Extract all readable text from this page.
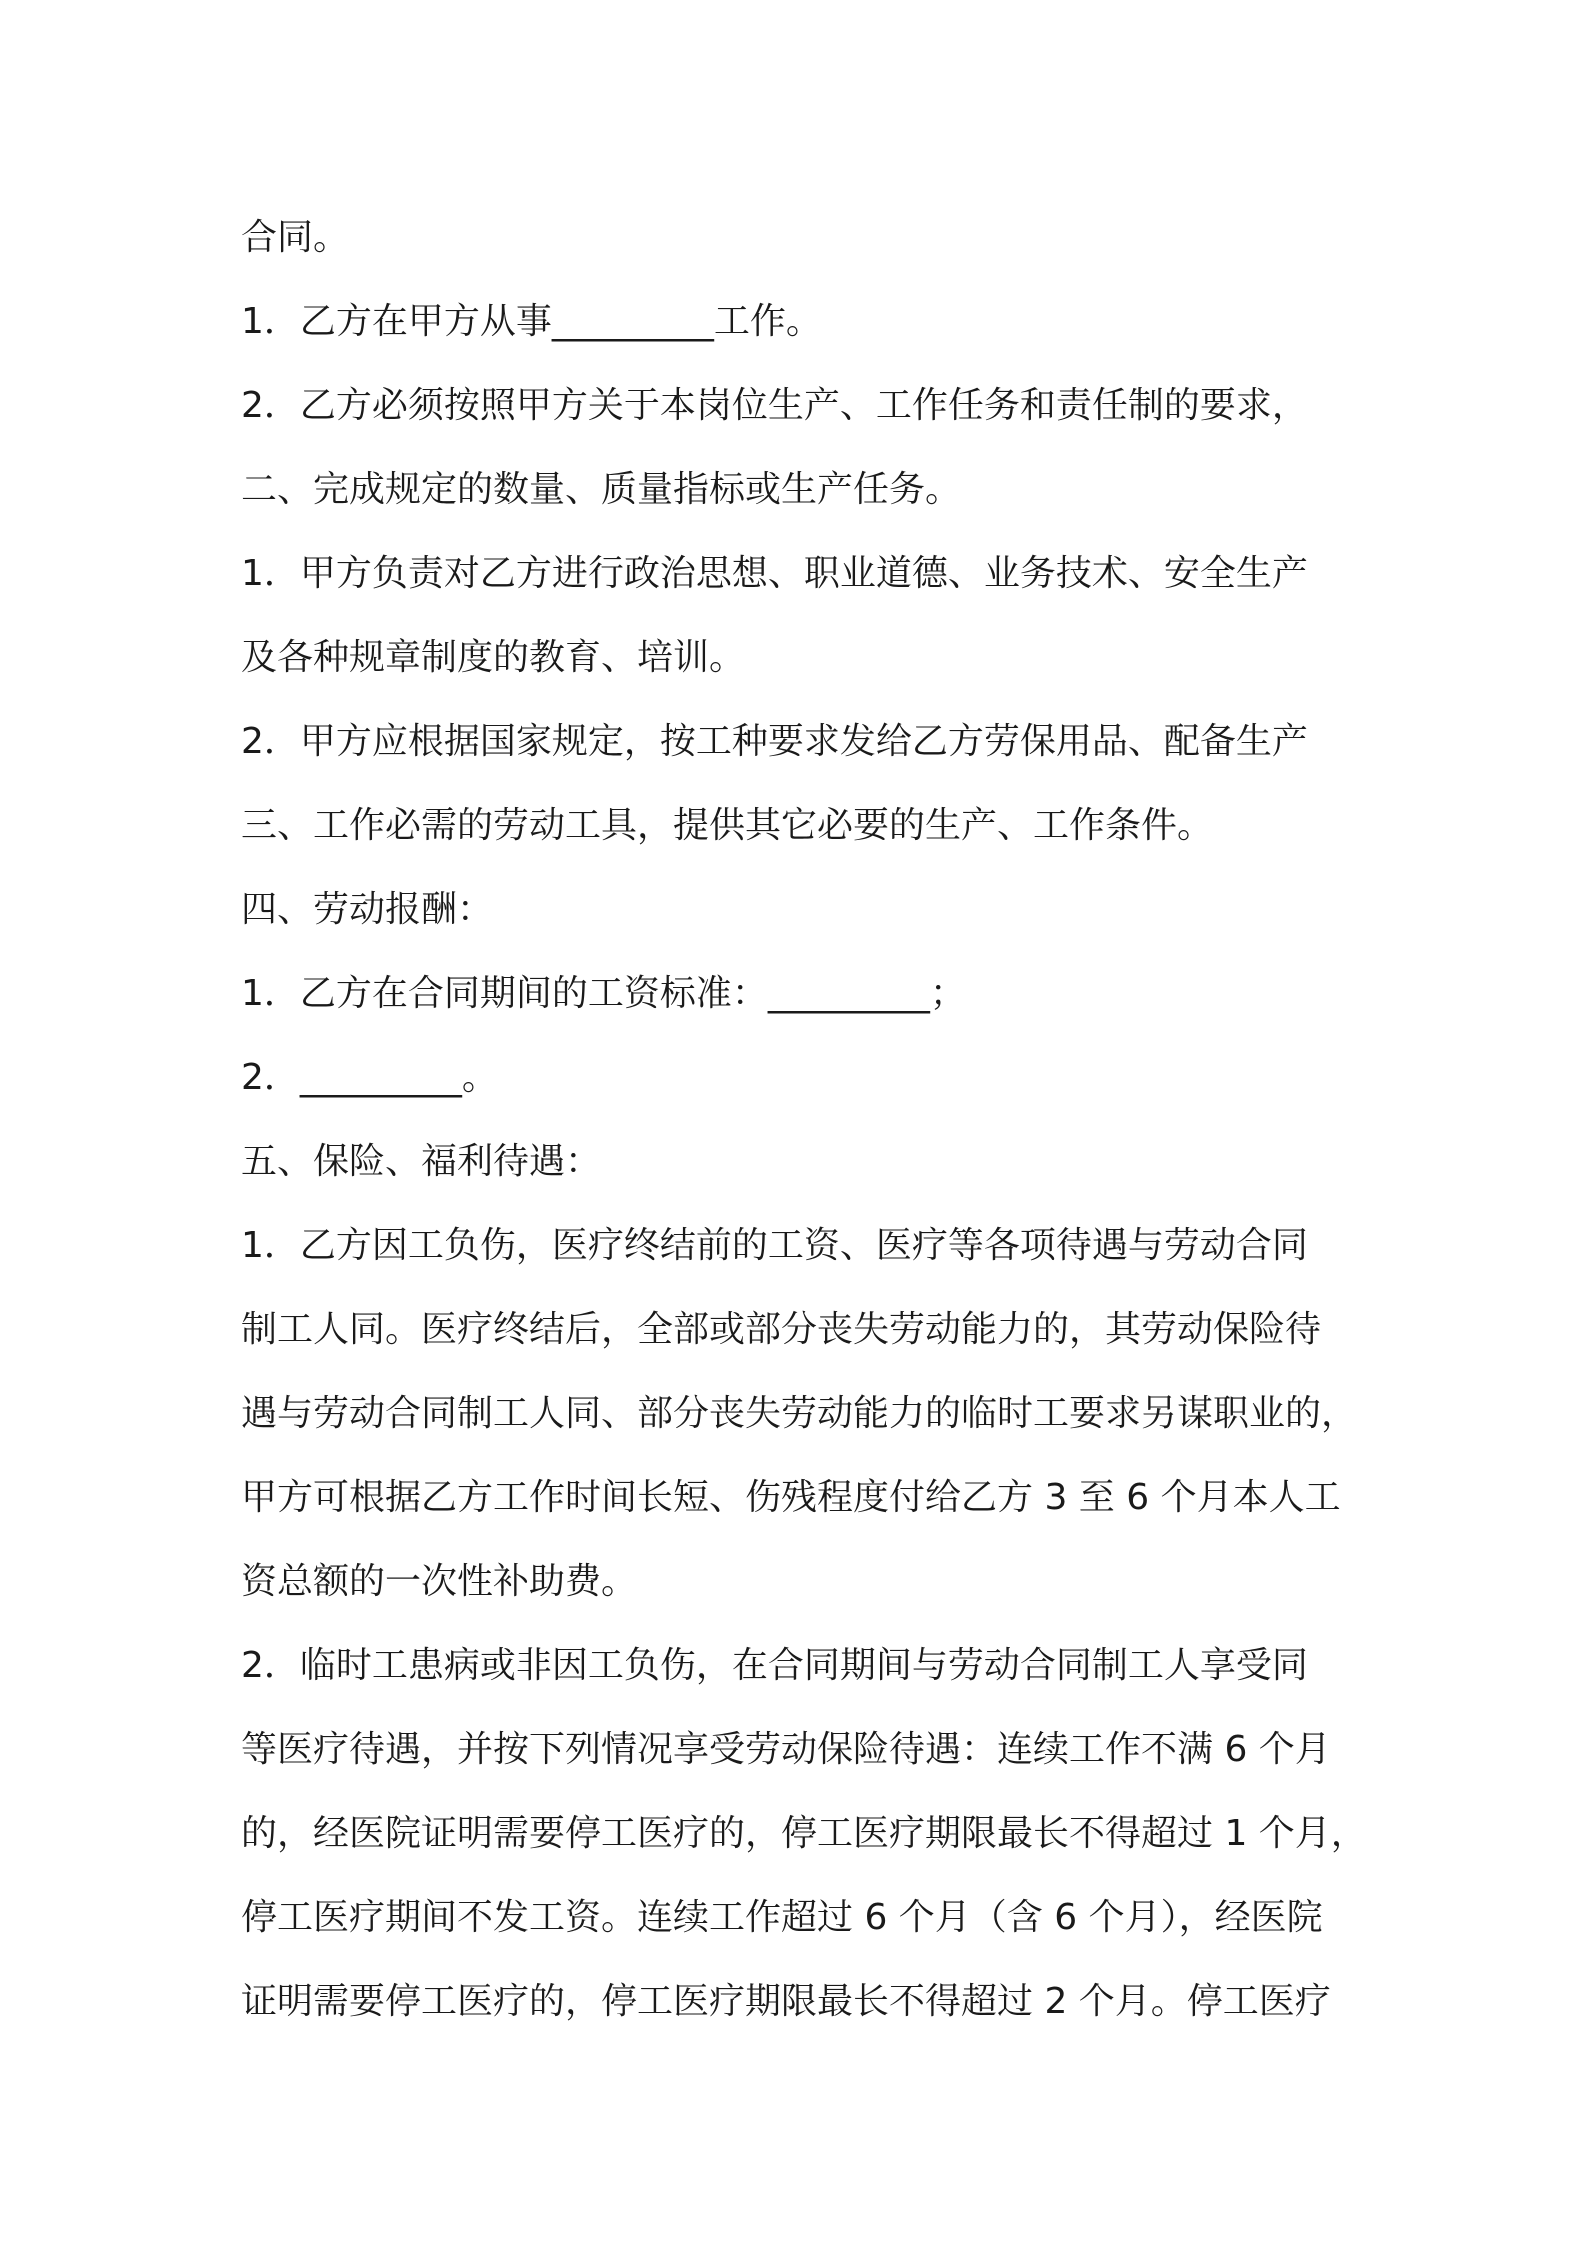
合同。

1．乙方在甲方从事_________工作。

2．乙方必须按照甲方关于本岗位生产、工作任务和责任制的要求，

二、完成规定的数量、质量指标或生产任务。

1．甲方负责对乙方进行政治思想、职业道德、业务技术、安全生产

及各种规章制度的教育、培训。

2．甲方应根据国家规定，按工种要求发给乙方劳保用品、配备生产

三、工作必需的劳动工具，提供其它必要的生产、工作条件。

四、劳动报酬：

1．乙方在合同期间的工资标准：_________；

2．_________。

五、保险、福利待遇：

1．乙方因工负伤，医疗终结前的工资、医疗等各项待遇与劳动合同

制工人同。医疗终结后，全部或部分丧失劳动能力的，其劳动保险待

遇与劳动合同制工人同、部分丧失劳动能力的临时工要求另谋职业的，

甲方可根据乙方工作时间长短、伤残程度付给乙方 3 至 6 个月本人工

资总额的一次性补助费。

2．临时工患病或非因工负伤，在合同期间与劳动合同制工人享受同

等医疗待遇，并按下列情况享受劳动保险待遇：连续工作不满 6 个月

的，经医院证明需要停工医疗的，停工医疗期限最长不得超过 1 个月，

停工医疗期间不发工资。连续工作超过 6 个月（含 6 个月），经医院

证明需要停工医疗的，停工医疗期限最长不得超过 2 个月。停工医疗
